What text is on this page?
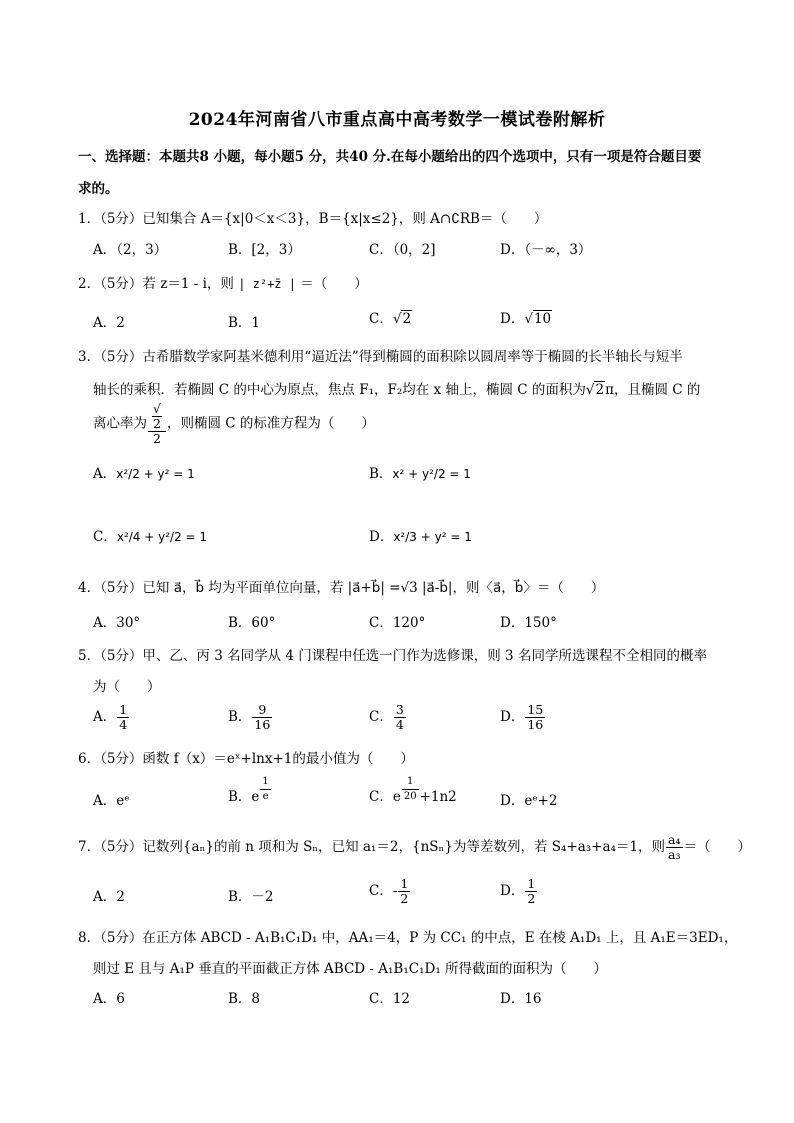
2024年河南省八市重点高中高考数学一模试卷附解析
一、选择题：本题共8 小题，每小题5 分，共40 分.在每小题给出的四个选项中，只有一项是符合题目要
求的。
1．（5分）已知集合 A＝{x|0＜x＜3}，B＝{x|x≤2}，则 A∩∁RB＝（　　）
A．（2，3）	B．[2，3）	C．（0，2]	D．（－∞，3）
2．（5分）若 z＝1 - i，则 | z²+z̄ | ＝（　　）
A．2	B．1	C．√2	D．√10
3．（5分）古希腊数学家阿基米德利用“逼近法”得到椭圆的面积除以圆周率等于椭圆的长半轴长与短半
轴长的乘积．若椭圆 C 的中心为原点，焦点 F₁，F₂均在 x 轴上，椭圆 C 的面积为√2π，且椭圆 C 的
离心率为 √
2
2 ，则椭圆 C 的标准方程为（　　）
A．x²/2 + y² = 1	B．x² + y²/2 = 1
C．x²/4 + y²/2 = 1	D．x²/3 + y² = 1
4．（5分）已知 a⃗，b⃗ 均为平面单位向量，若 |a⃗+b⃗| =√3 |a⃗-b⃗|，则〈a⃗，b⃗〉＝（　　）
A．30°	B．60°	C．120°	D．150°
5．（5分）甲、乙、丙 3 名同学从 4 门课程中任选一门作为选修课，则 3 名同学所选课程不全相同的概率
为（　　）
A． $\frac{1}{4}$	B． $\frac{9}{16}$	C． $\frac{3}{4}$	D． $\frac{15}{16}$
6．（5分）函数 f（x）＝eˣ+lnx+1的最小值为（　　）
A．eᵉ	B．e $\frac{1}{e}$	C．e $\frac{1}{20} +1n2$	D．eᵉ+2
7．（5分）记数列{aₙ}的前 n 项和为 Sₙ，已知 a₁＝2，{nSₙ}为等差数列，若 S₄+a₃+a₄＝1，则 $\frac{\text{a₄}}{\text{a₃}}$ ＝（　　）
A．2	B．－2	C．- $\frac{1}{2}$	D． $\frac{1}{2}$
8．（5分）在正方体 ABCD - A₁B₁C₁D₁ 中，AA₁＝4，P 为 CC₁ 的中点，E 在棱 A₁D₁ 上，且 A₁E＝3ED₁，
则过 E 且与 A₁P 垂直的平面截正方体 ABCD - A₁B₁C₁D₁ 所得截面的面积为（　　）
A．6	B．8	C．12	D．16
